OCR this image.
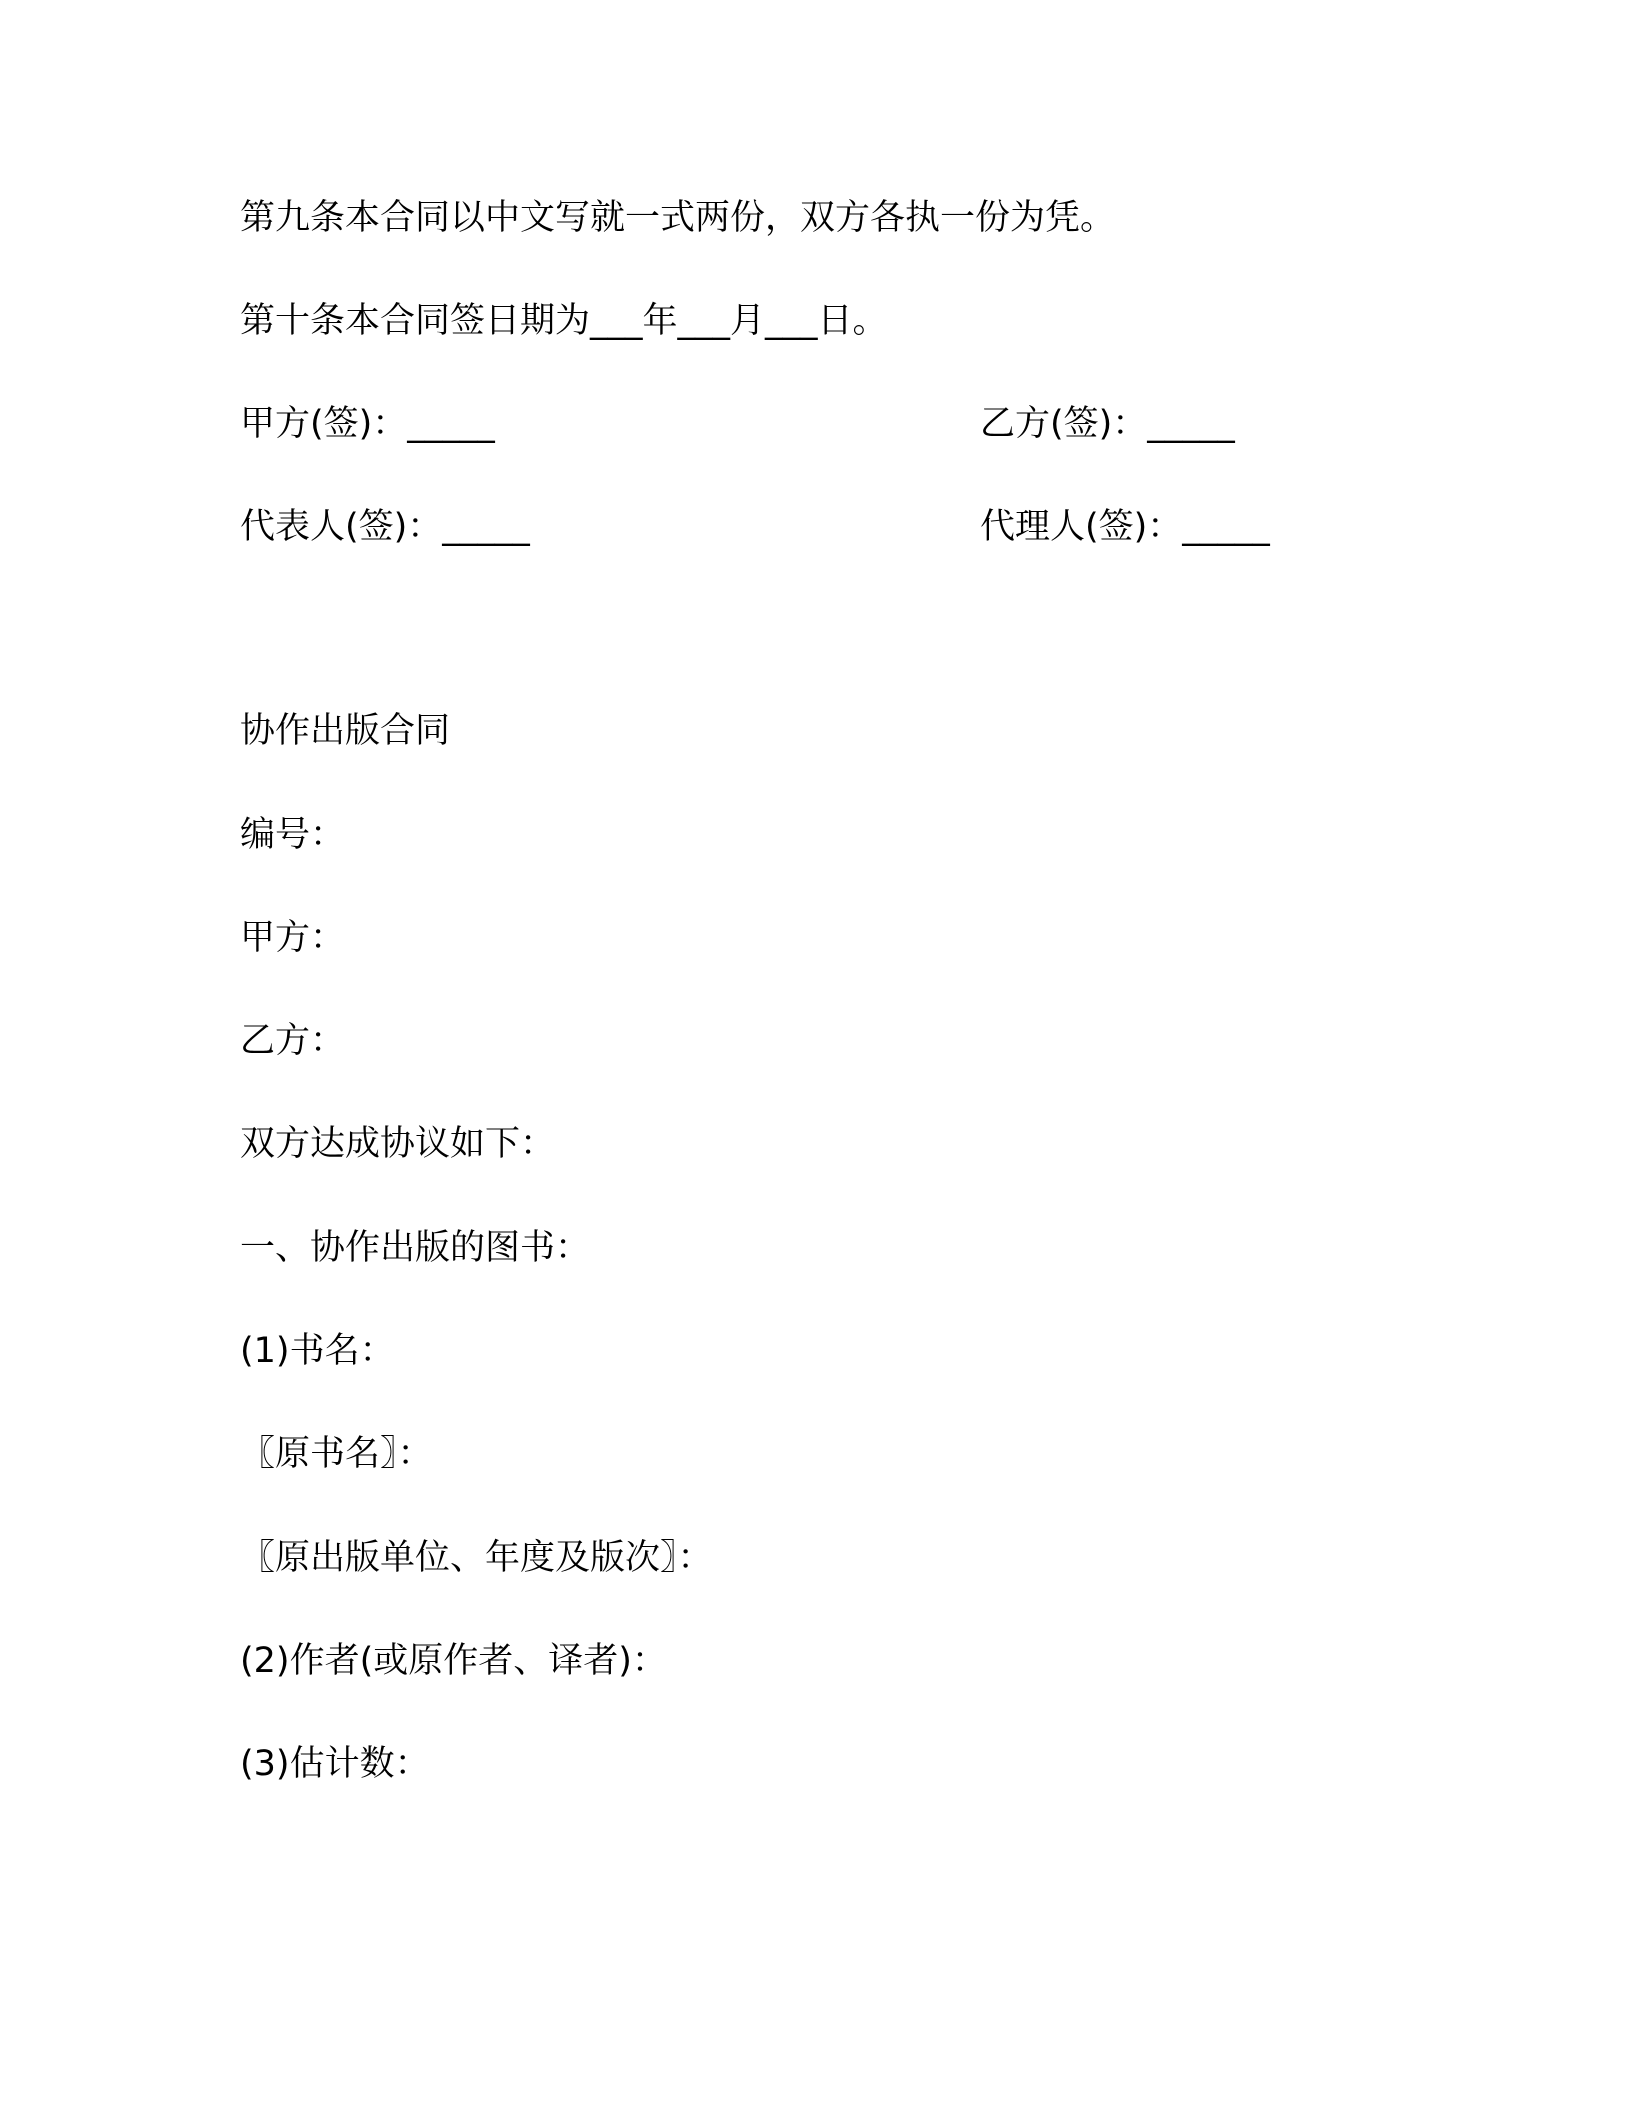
第九条本合同以中文写就一式两份，双方各执一份为凭。
第十条本合同签日期为___年___月___日。
甲方(签)：_____	乙方(签)：_____
代表人(签)：_____	代理人(签)：_____
协作出版合同
编号：
甲方：
乙方：
双方达成协议如下：
一、协作出版的图书：
(1)书名：
〖原书名〗：
〖原出版单位、年度及版次〗：
(2)作者(或原作者、译者)：
(3)估计数：
